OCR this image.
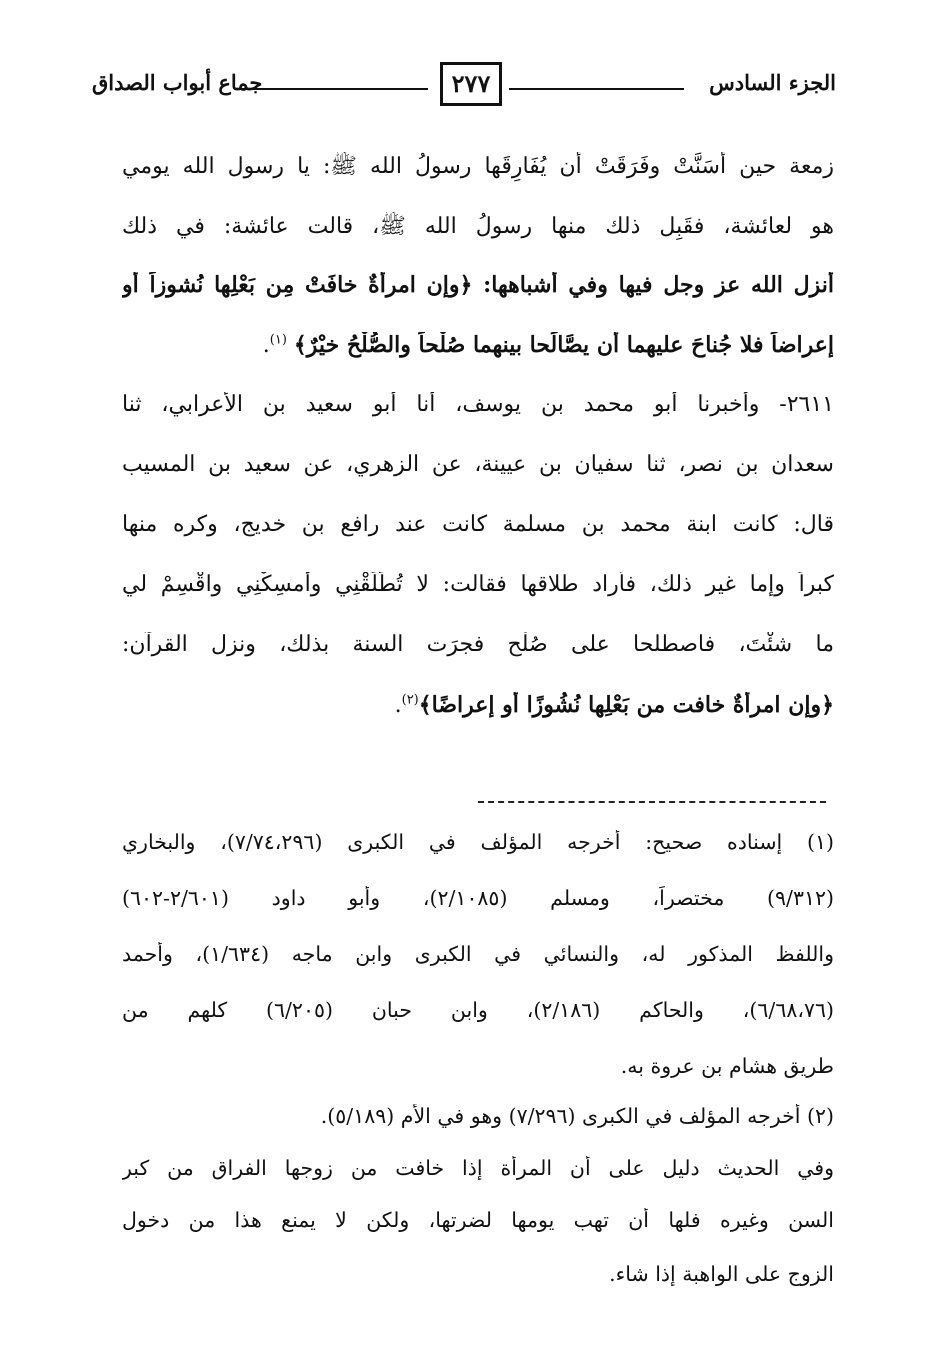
الجزء السادس
٢٧٧
جماع أبواب الصداق
زمعة حين أَسَنَّتْ وفَرَقَتْ أن يُفَارِقَها رسولُ الله ﷺ: يا رسول الله يومي
هو لعائشة، فقَبِل ذلك منها رسولُ الله ﷺ، قالت عائشة: في ذلك
أنزل الله عز وجل فيها وفي أشباهها: ﴿وإن امرأةٌ خافَتْ مِن بَعْلِها نُشوزاً أو
إعراضاً فلا جُناحَ عليهما أن يصَّالَحا بينهما صُلْحاً والصُّلْحُ خيْرٌ﴾ $^{(١)}$.
٢٦١١- وأخبرنا أبو محمد بن يوسف، أنا أبو سعيد بن الأعرابي، ثنا
سعدان بن نصر، ثنا سفيان بن عيينة، عن الزهري، عن سعيد بن المسيب
قال: كانت ابنة محمد بن مسلمة كانت عند رافع بن خديج، وكره منها
كبراً وإما غير ذلك، فأراد طلاقها فقالت: لا تُطَلِّقْنِي وأمسِكْنِي واقْسِمْ لي
ما شئْتَ، فاصطلحا على صُلْحٍ فجرَت السنة بذلك، ونزل القرآن:
﴿وإن امرأةٌ خافت من بَعْلِها نُشُوزًا أو إعراضًا﴾$^{(٢)}$.
(١) إسناده صحيح: أخرجه المؤلف في الكبرى (٧/٧٤،٢٩٦)، والبخاري
(٩/٣١٢) مختصراً، ومسلم (٢/١٠٨٥)، وأبو داود (٢/٦٠١-٦٠٢)
واللفظ المذكور له، والنسائي في الكبرى وابن ماجه (١/٦٣٤)، وأحمد
(٦/٦٨،٧٦)، والحاكم (٢/١٨٦)، وابن حبان (٦/٢٠٥) كلهم من
طريق هشام بن عروة به.
(٢) أخرجه المؤلف في الكبرى (٧/٢٩٦) وهو في الأم (٥/١٨٩).
وفي الحديث دليل على أن المرأة إذا خافت من زوجها الفراق من كبر
السن وغيره فلها أن تهب يومها لضرتها، ولكن لا يمنع هذا من دخول
الزوج على الواهبة إذا شاء.
